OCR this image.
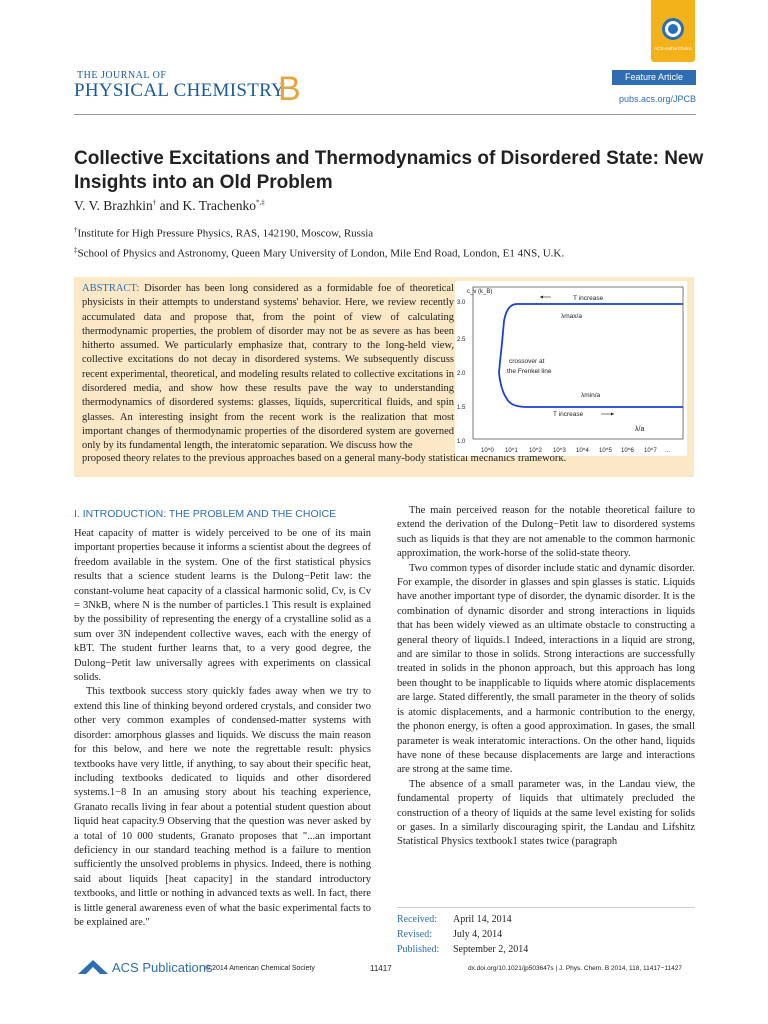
ACS AuthorChoice
THE JOURNAL OF
PHYSICAL CHEMISTRY
B	Feature Article
pubs.acs.org/JPCB
Collective Excitations and Thermodynamics of Disordered State: New Insights into an Old Problem
V. V. Brazhkin† and K. Trachenko*,‡
†Institute for High Pressure Physics, RAS, 142190, Moscow, Russia
‡School of Physics and Astronomy, Queen Mary University of London, Mile End Road, London, E1 4NS, U.K.
ABSTRACT: Disorder has been long considered as a formidable foe of theoretical physicists in their attempts to understand systems' behavior. Here, we review recently accumulated data and propose that, from the point of view of calculating thermodynamic properties, the problem of disorder may not be as severe as has been hitherto assumed. We particularly emphasize that, contrary to the long-held view, collective excitations do not decay in disordered systems. We subsequently discuss recent experimental, theoretical, and modeling results related to collective excitations in disordered media, and show how these results pave the way to understanding thermodynamics of disordered systems: glasses, liquids, supercritical fluids, and spin glasses. An interesting insight from the recent work is the realization that most important changes of thermodynamic properties of the disordered system are governed only by its fundamental length, the interatomic separation. We discuss how the
proposed theory relates to the previous approaches based on a general many-body statistical mechanics framework.
c_v (k_B)
3.0
2.5
2.0
1.5
1.0
10^0 10^1 10^2 10^3 10^4 10^5 10^6 10^7 ...
λ/a
T increase
λmax/a
crossover at
the Frenkel line
λmin/a
T increase
I. INTRODUCTION: THE PROBLEM AND THE CHOICE

Heat capacity of matter is widely perceived to be one of its main important properties because it informs a scientist about the degrees of freedom available in the system. One of the first statistical physics results that a science student learns is the Dulong−Petit law: the constant-volume heat capacity of a classical harmonic solid, Cv, is Cv = 3NkB, where N is the number of particles.1 This result is explained by the possibility of representing the energy of a crystalline solid as a sum over 3N independent collective waves, each with the energy of kBT. The student further learns that, to a very good degree, the Dulong−Petit law universally agrees with experiments on classical solids.

This textbook success story quickly fades away when we try to extend this line of thinking beyond ordered crystals, and consider two other very common examples of condensed-matter systems with disorder: amorphous glasses and liquids. We discuss the main reason for this below, and here we note the regrettable result: physics textbooks have very little, if anything, to say about their specific heat, including textbooks dedicated to liquids and other disordered systems.1−8 In an amusing story about his teaching experience, Granato recalls living in fear about a potential student question about liquid heat capacity.9 Observing that the question was never asked by a total of 10 000 students, Granato proposes that "...an important deficiency in our standard teaching method is a failure to mention sufficiently the unsolved problems in physics. Indeed, there is nothing said about liquids [heat capacity] in the standard introductory textbooks, and little or nothing in advanced texts as well. In fact, there is little general awareness even of what the basic experimental facts to be explained are."

The main perceived reason for the notable theoretical failure to extend the derivation of the Dulong−Petit law to disordered systems such as liquids is that they are not amenable to the common harmonic approximation, the work-horse of the solid-state theory.

Two common types of disorder include static and dynamic disorder. For example, the disorder in glasses and spin glasses is static. Liquids have another important type of disorder, the dynamic disorder. It is the combination of dynamic disorder and strong interactions in liquids that has been widely viewed as an ultimate obstacle to constructing a general theory of liquids.1 Indeed, interactions in a liquid are strong, and are similar to those in solids. Strong interactions are successfully treated in solids in the phonon approach, but this approach has long been thought to be inapplicable to liquids where atomic displacements are large. Stated differently, the small parameter in the theory of solids is atomic displacements, and a harmonic contribution to the energy, the phonon energy, is often a good approximation. In gases, the small parameter is weak interatomic interactions. On the other hand, liquids have none of these because displacements are large and interactions are strong at the same time.

The absence of a small parameter was, in the Landau view, the fundamental property of liquids that ultimately precluded the construction of a theory of liquids at the same level existing for solids or gases. In a similarly discouraging spirit, the Landau and Lifshitz Statistical Physics textbook1 states twice (paragraph

Received: April 14, 2014
Revised: July 4, 2014
Published: September 2, 2014
ACS Publications
© 2014 American Chemical Society	11417	dx.doi.org/10.1021/jp503647s | J. Phys. Chem. B 2014, 118, 11417−11427
